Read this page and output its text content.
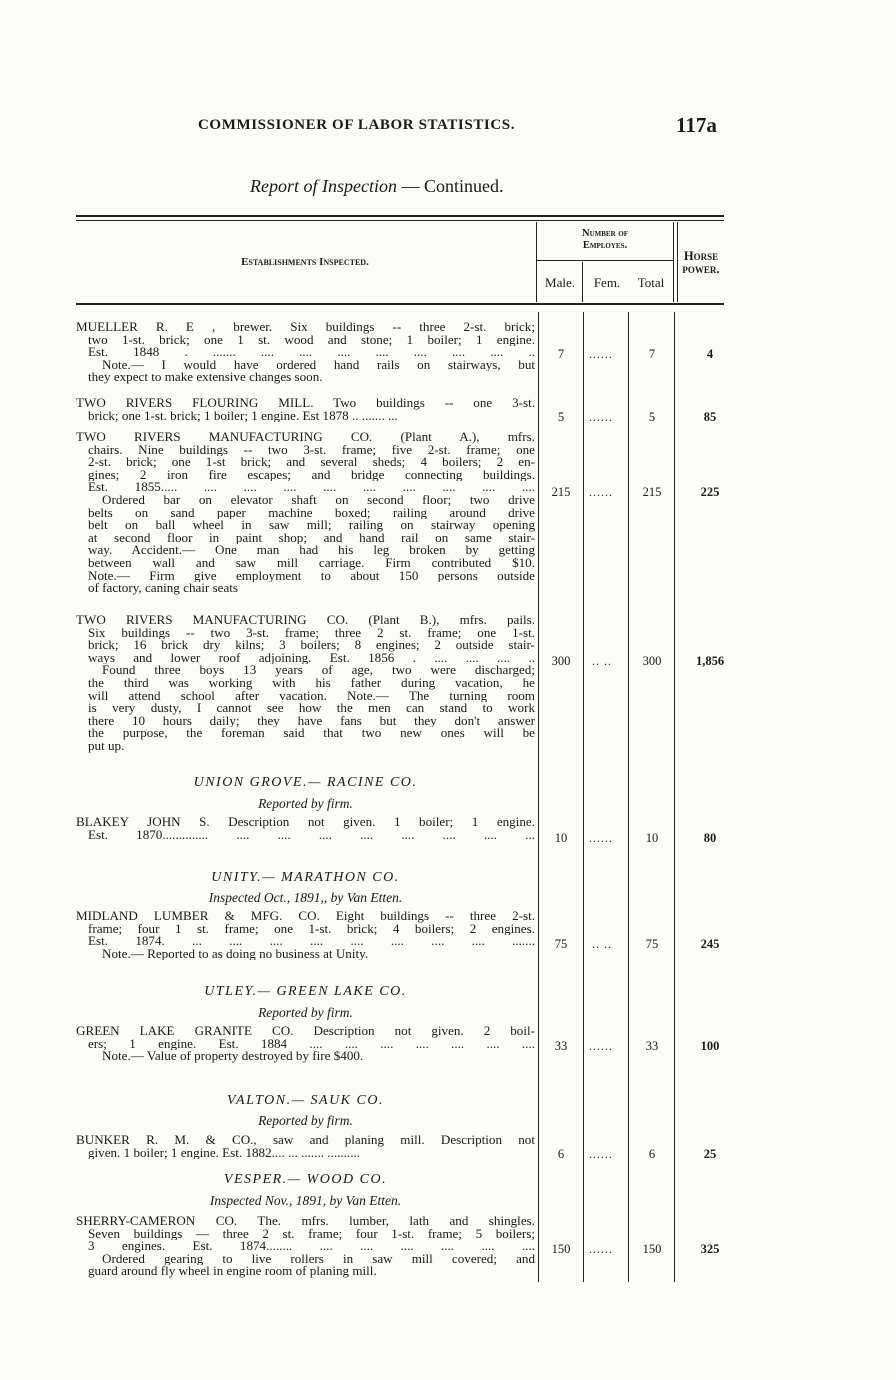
COMMISSIONER OF LABOR STATISTICS.	117a
Report of Inspection — Continued.
Establishments Inspected.
Number of
Employes.
Male.	Fem.	Total
Horse
power.
MUELLER R. E , brewer. Six buildings -- three 2-st. brick;
two 1-st. brick; one 1 st. wood and stone; 1 boiler; 1 engine.
Est. 1848 . ....... .... .... .... .... .... .... .... ..
Note.— I would have ordered hand rails on stairways, but
they expect to make extensive changes soon.
7	......	7	4
TWO RIVERS FLOURING MILL. Two buildings -- one 3-st.
brick; one 1-st. brick; 1 boiler; 1 engine. Est 1878 .. ....... ...	5	......	5	85
TWO RIVERS MANUFACTURING CO. (Plant A.), mfrs.
chairs. Nine buildings -- two 3-st. frame; five 2-st. frame; one
2-st. brick; one 1-st brick; and several sheds; 4 boilers; 2 en-
gines; 2 iron fire escapes; and bridge connecting buildings.
Est. 1855..... .... .... .... .... .... .... .... .... ....
Ordered bar on elevator shaft on second floor; two drive
belts on sand paper machine boxed; railing around drive
belt on ball wheel in saw mill; railing on stairway opening
at second floor in paint shop; and hand rail on same stair-
way. Accident.— One man had his leg broken by getting
between wall and saw mill carriage. Firm contributed $10.
Note.— Firm give employment to about 150 persons outside
of factory, caning chair seats
215	......	215	225
TWO RIVERS MANUFACTURING CO. (Plant B.), mfrs. pails.
Six buildings -- two 3-st. frame; three 2 st. frame; one 1-st.
brick; 16 brick dry kilns; 3 boilers; 8 engines; 2 outside stair-
ways and lower roof adjoining. Est. 1856 . .... .... .... ..
Found three boys 13 years of age, two were discharged;
the third was working with his father during vacation, he
will attend school after vacation. Note.— The turning room
is very dusty, I cannot see how the men can stand to work
there 10 hours daily; they have fans but they don't answer
the purpose, the foreman said that two new ones will be
put up.
300	.. ..	300	1,856
UNION GROVE.— RACINE CO.
Reported by firm.
BLAKEY JOHN S. Description not given. 1 boiler; 1 engine.
Est. 1870.............. .... .... .... .... .... .... .... ...	10	......	10	80
UNITY.— MARATHON CO.
Inspected Oct., 1891,, by Van Etten.
MIDLAND LUMBER & MFG. CO. Eight buildings -- three 2-st.
frame; four 1 st. frame; one 1-st. brick; 4 boilers; 2 engines.
Est. 1874. ... .... .... .... .... .... .... .... .......
Note.— Reported to as doing no business at Unity.
75	.. ..	75	245
UTLEY.— GREEN LAKE CO.
Reported by firm.
GREEN LAKE GRANITE CO. Description not given. 2 boil-
ers; 1 engine. Est. 1884 .... .... .... .... .... .... ....
Note.— Value of property destroyed by fire $400.
33	......	33	100
VALTON.— SAUK CO.
Reported by firm.
BUNKER R. M. & CO., saw and planing mill. Description not
given. 1 boiler; 1 engine. Est. 1882.... ... ....... ..........	6	......	6	25
VESPER.— WOOD CO.
Inspected Nov., 1891, by Van Etten.
SHERRY-CAMERON CO. The. mfrs. lumber, lath and shingles.
Seven buildings — three 2 st. frame; four 1-st. frame; 5 boilers;
3 engines. Est. 1874........ .... .... .... .... .... ....
Ordered gearing to live rollers in saw mill covered; and
guard around fly wheel in engine room of planing mill.
150	......	150	325
